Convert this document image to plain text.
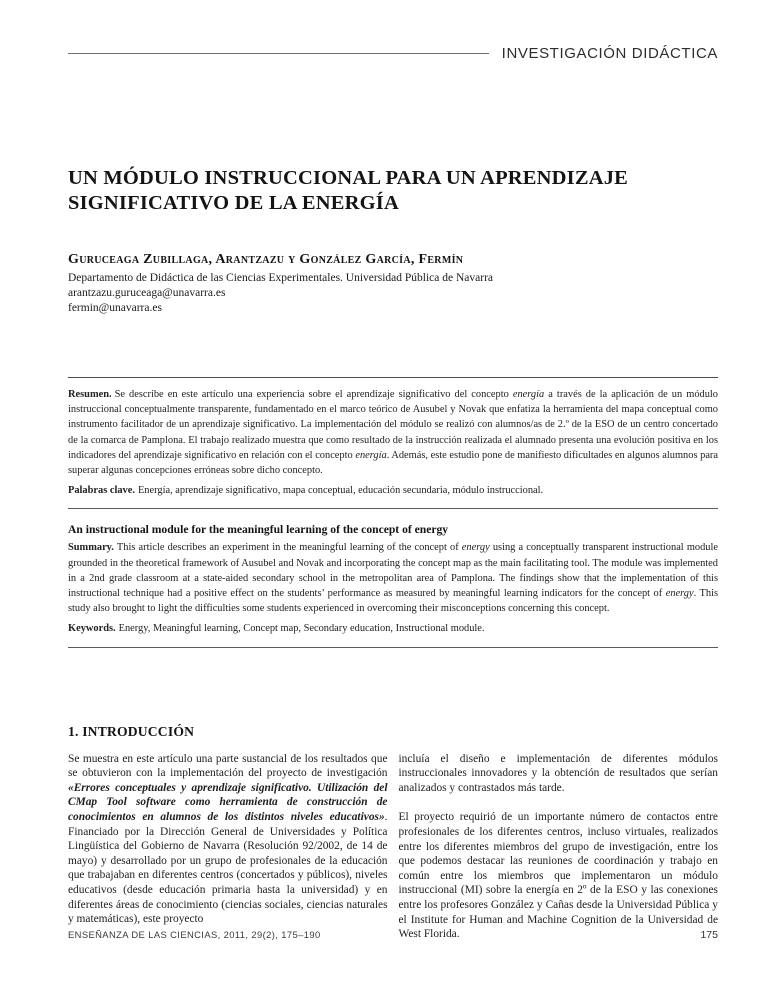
INVESTIGACIÓN DIDÁCTICA
UN MÓDULO INSTRUCCIONAL PARA UN APRENDIZAJE
SIGNIFICATIVO DE LA ENERGÍA
Guruceaga Zubillaga, Arantzazu y González García, Fermín
Departamento de Didáctica de las Ciencias Experimentales. Universidad Pública de Navarra
arantzazu.guruceaga@unavarra.es
fermin@unavarra.es

Resumen. Se describe en este artículo una experiencia sobre el aprendizaje significativo del concepto energía a través de la aplicación de un módulo instruccional conceptualmente transparente, fundamentado en el marco teórico de Ausubel y Novak que enfatiza la herramienta del mapa conceptual como instrumento facilitador de un aprendizaje significativo. La implementación del módulo se realizó con alumnos/as de 2.º de la ESO de un centro concertado de la comarca de Pamplona. El trabajo realizado muestra que como resultado de la instrucción realizada el alumnado presenta una evolución positiva en los indicadores del aprendizaje significativo en relación con el concepto energía. Además, este estudio pone de manifiesto dificultades en algunos alumnos para superar algunas concepciones erróneas sobre dicho concepto.

Palabras clave. Energía, aprendizaje significativo, mapa conceptual, educación secundaria, módulo instruccional.

An instructional module for the meaningful learning of the concept of energy

Summary. This article describes an experiment in the meaningful learning of the concept of energy using a conceptually transparent instructional module grounded in the theoretical framework of Ausubel and Novak and incorporating the concept map as the main facilitating tool. The module was implemented in a 2nd grade classroom at a state-aided secondary school in the metropolitan area of Pamplona. The findings show that the implementation of this instructional technique had a positive effect on the students’ performance as measured by meaningful learning indicators for the concept of energy. This study also brought to light the difficulties some students experienced in overcoming their misconceptions concerning this concept.

Keywords. Energy, Meaningful learning, Concept map, Secondary education, Instructional module.

1. INTRODUCCIÓN

Se muestra en este artículo una parte sustancial de los resultados que se obtuvieron con la implementación del proyecto de investigación «Errores conceptuales y aprendizaje significativo. Utilización del CMap Tool software como herramienta de construcción de conocimientos en alumnos de los distintos niveles educativos». Financiado por la Dirección General de Universidades y Política Lingüística del Gobierno de Navarra (Resolución 92/2002, de 14 de mayo) y desarrollado por un grupo de profesionales de la educación que trabajaban en diferentes centros (concertados y públicos), niveles educativos (desde educación primaria hasta la universidad) y en diferentes áreas de conocimiento (ciencias sociales, ciencias naturales y matemáticas), este proyecto

incluía el diseño e implementación de diferentes módulos instruccionales innovadores y la obtención de resultados que serían analizados y contrastados más tarde.

El proyecto requirió de un importante número de contactos entre profesionales de los diferentes centros, incluso virtuales, realizados entre los diferentes miembros del grupo de investigación, entre los que podemos destacar las reuniones de coordinación y trabajo en común entre los miembros que implementaron un módulo instruccional (MI) sobre la energía en 2º de la ESO y las conexiones entre los profesores González y Cañas desde la Universidad Pública y el Institute for Human and Machine Cognition de la Universidad de West Florida.

ENSEÑANZA DE LAS CIENCIAS, 2011, 29(2), 175–190	175
